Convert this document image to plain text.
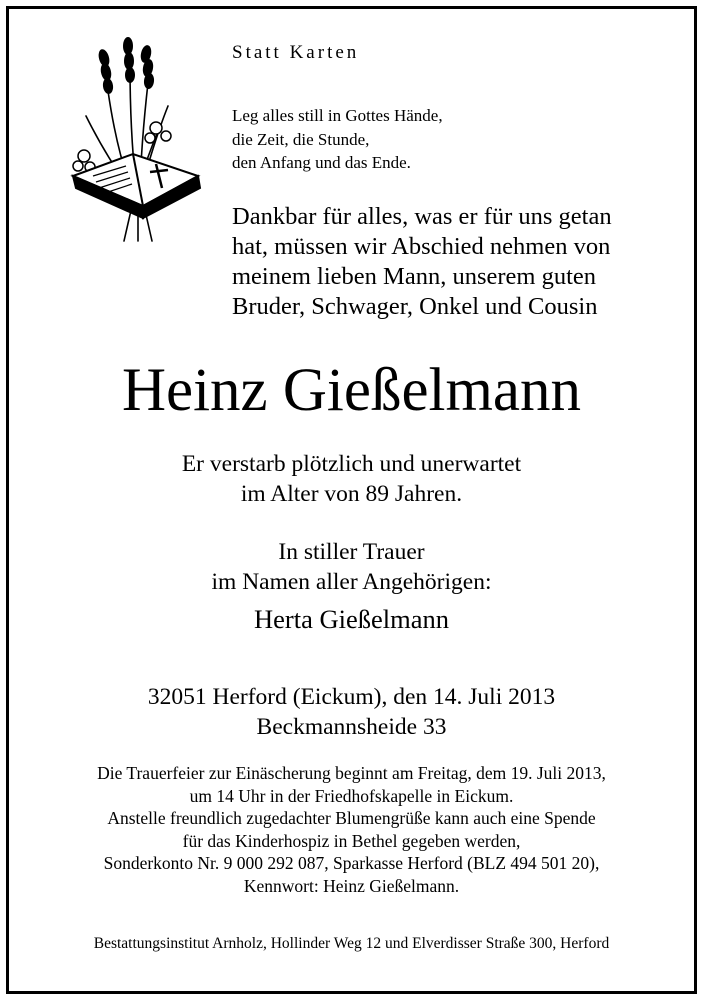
Statt Karten
Leg alles still in Gottes Hände,
die Zeit, die Stunde,
den Anfang und das Ende.
Dankbar für alles, was er für uns getan
hat, müssen wir Abschied nehmen von
meinem lieben Mann, unserem guten
Bruder, Schwager, Onkel und Cousin
Heinz Gießelmann
Er verstarb plötzlich und unerwartet
im Alter von 89 Jahren.
In stiller Trauer
im Namen aller Angehörigen:
Herta Gießelmann
32051 Herford (Eickum), den 14. Juli 2013
Beckmannsheide 33
Die Trauerfeier zur Einäscherung beginnt am Freitag, dem 19. Juli 2013,
um 14 Uhr in der Friedhofskapelle in Eickum.
Anstelle freundlich zugedachter Blumengrüße kann auch eine Spende
für das Kinderhospiz in Bethel gegeben werden,
Sonderkonto Nr. 9 000 292 087, Sparkasse Herford (BLZ 494 501 20),
Kennwort: Heinz Gießelmann.
Bestattungsinstitut Arnholz, Hollinder Weg 12 und Elverdisser Straße 300, Herford
